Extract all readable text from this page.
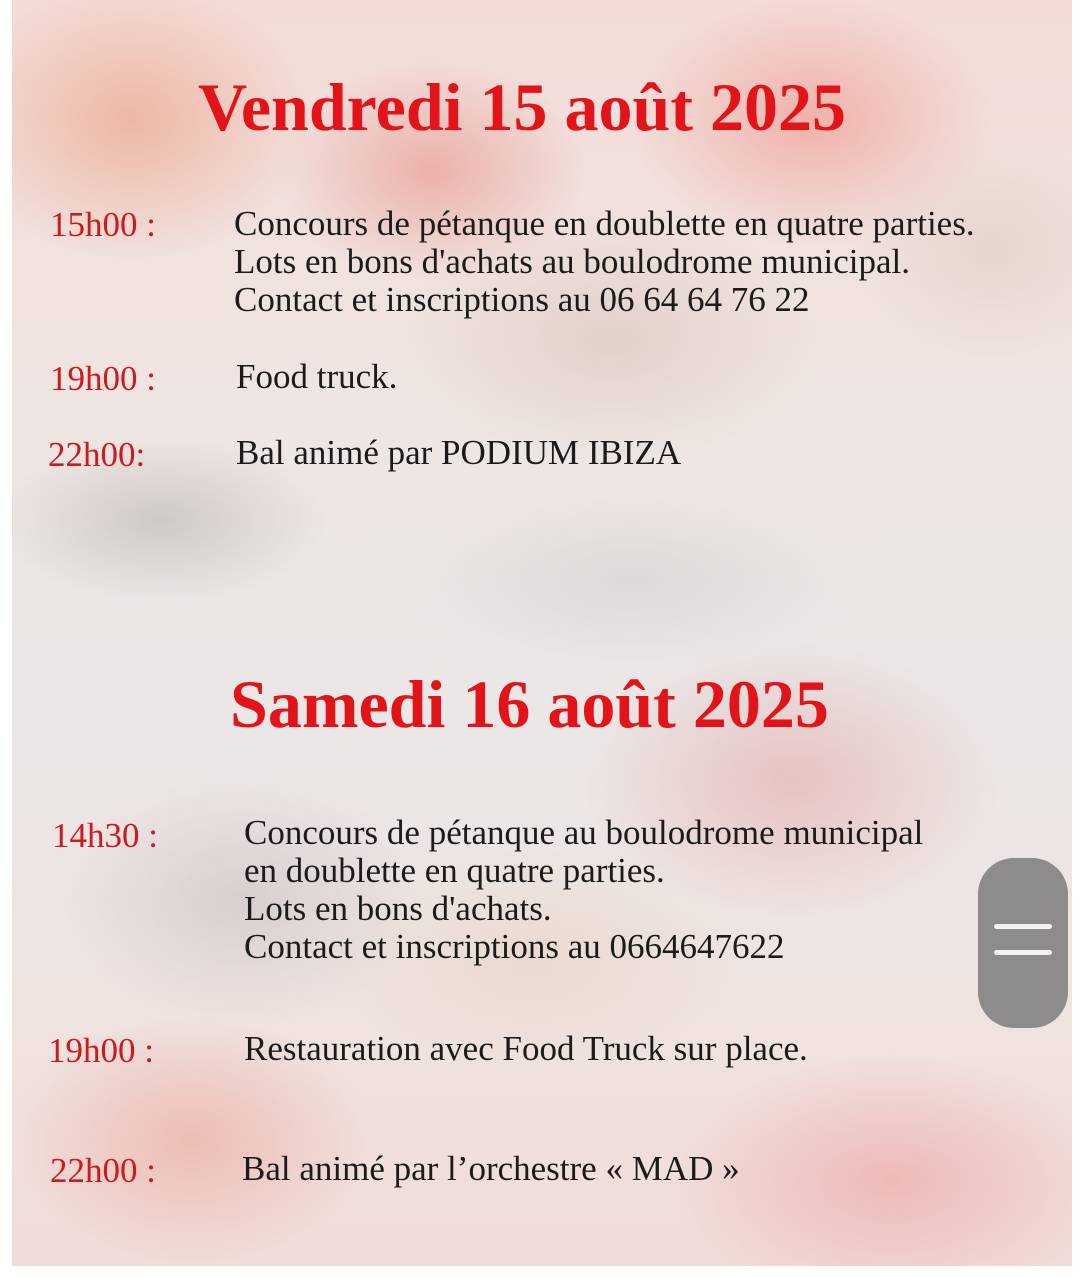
Vendredi 15 août 2025
15h00 : Concours de pétanque en doublette en quatre parties.
Lots en bons d'achats au boulodrome municipal.
Contact et inscriptions au 06 64 64 76 22
19h00 : Food truck.
22h00:	Bal animé par PODIUM IBIZA
Samedi 16 août 2025
14h30 : Concours de pétanque au boulodrome municipal
en doublette en quatre parties.
Lots en bons d'achats.
Contact et inscriptions au 0664647622
19h00 :	Restauration avec Food Truck sur place.
22h00 : Bal animé par l’orchestre « MAD »
